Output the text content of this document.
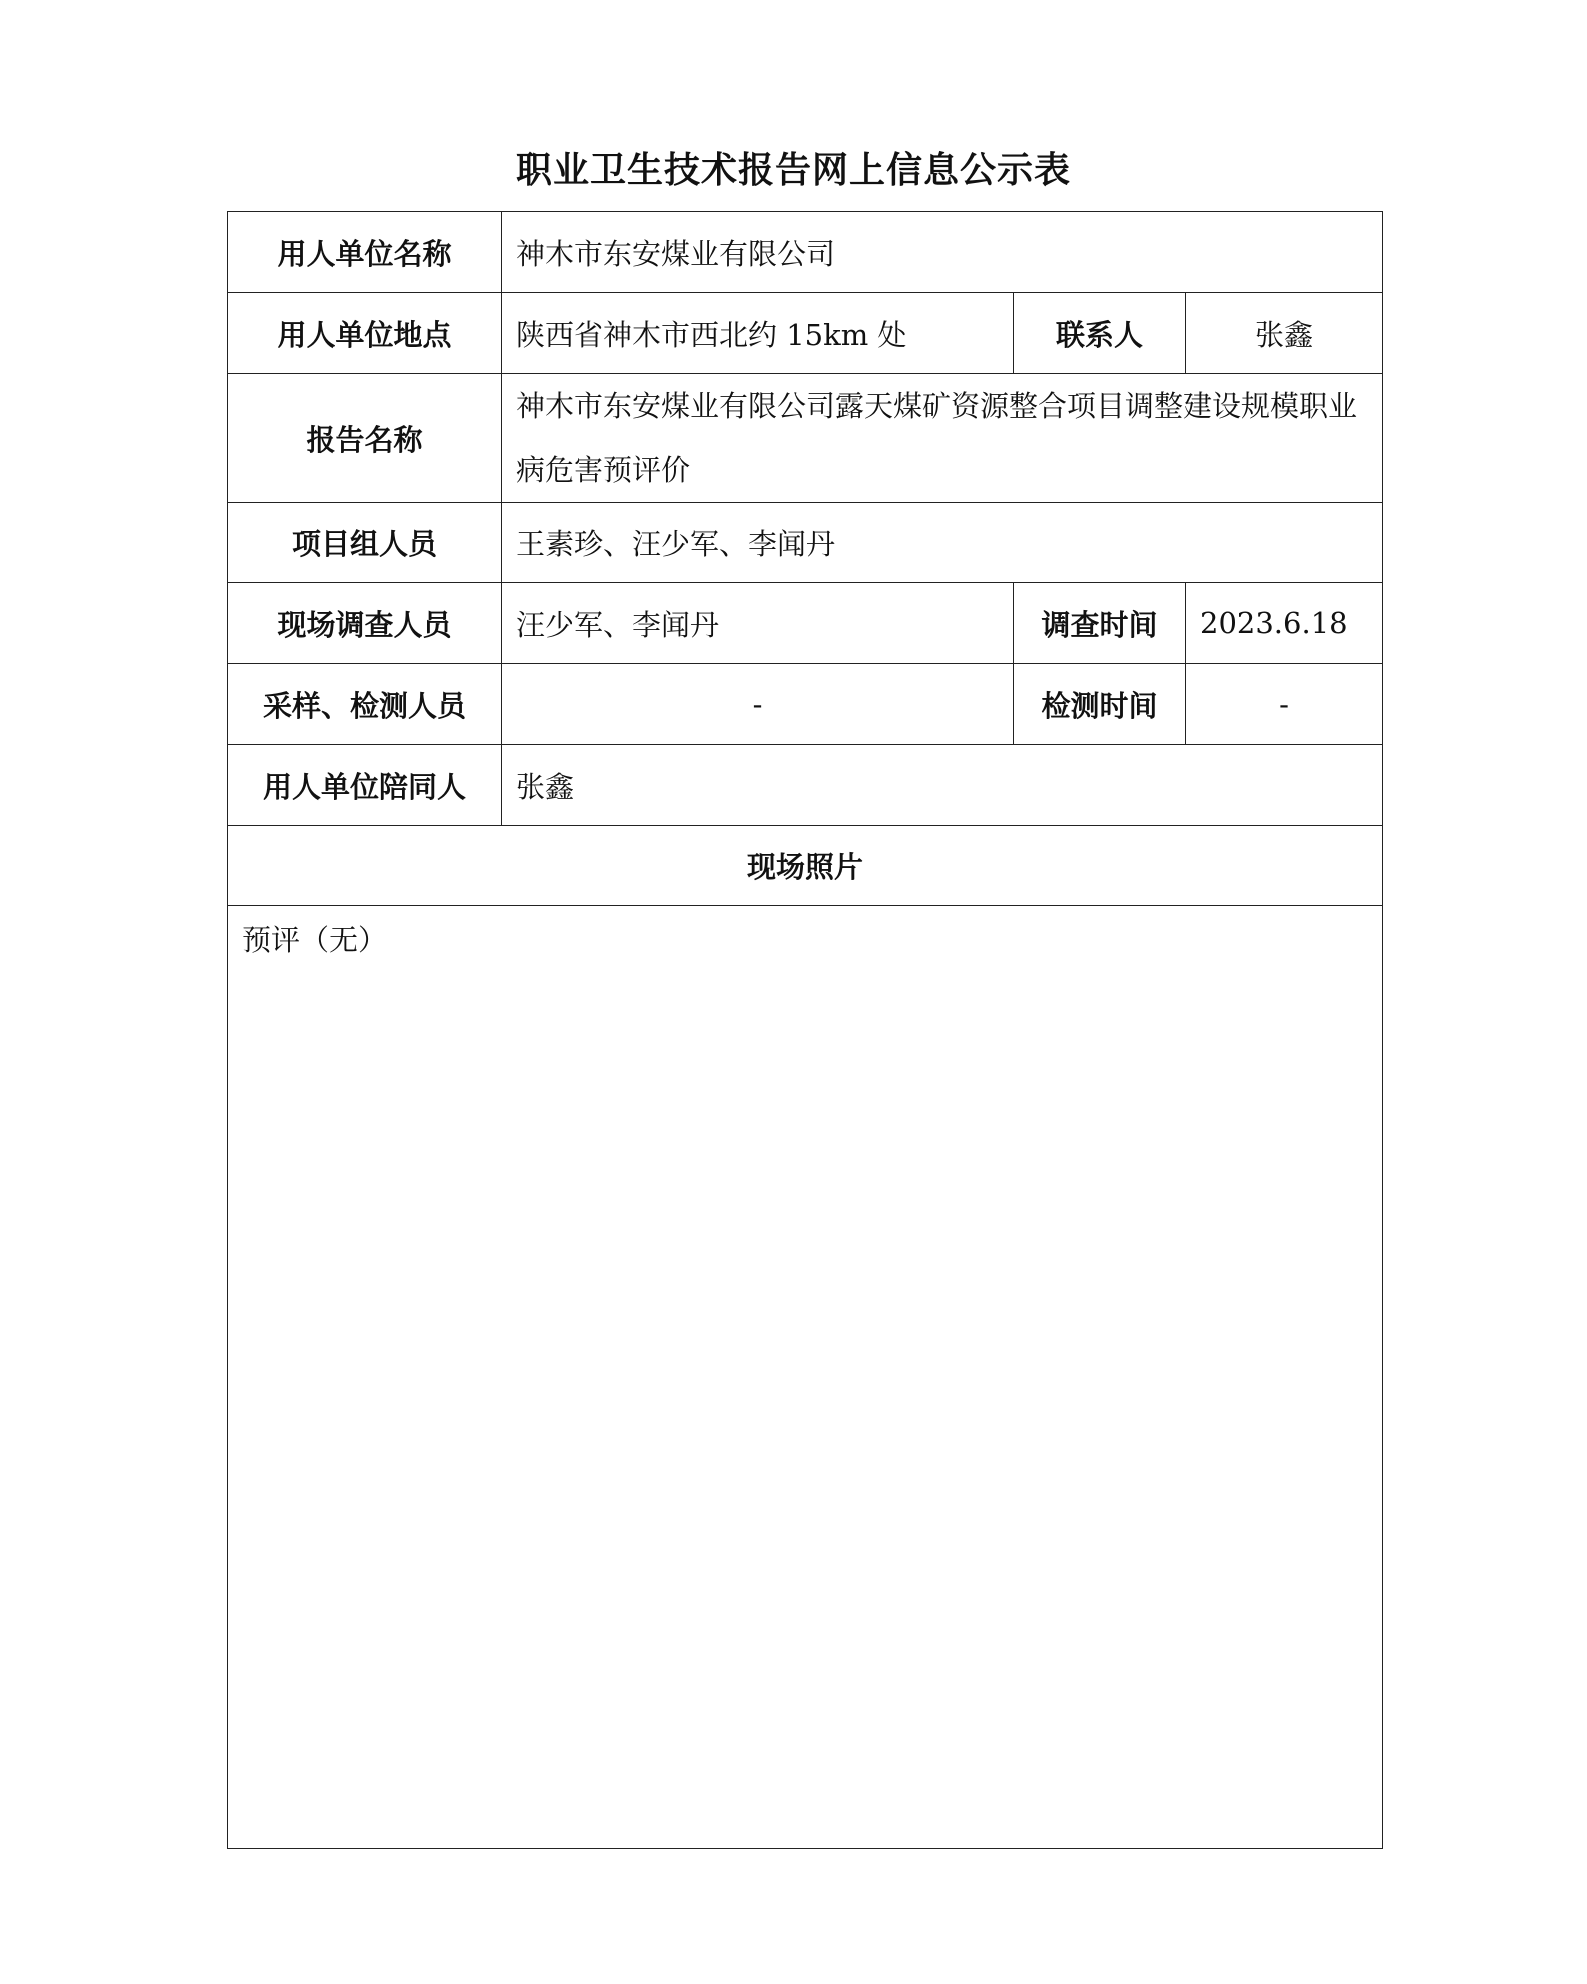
职业卫生技术报告网上信息公示表
用人单位名称	神木市东安煤业有限公司		
用人单位地点	陕西省神木市西北约 15km 处	联系人	张鑫
报告名称	神木市东安煤业有限公司露天煤矿资源整合项目调整建设规模职业病危害预评价		
项目组人员	王素珍、汪少军、李闻丹		
现场调查人员	汪少军、李闻丹	调查时间	2023.6.18
采样、检测人员	-	检测时间	-
用人单位陪同人	张鑫		
现场照片			

预评（无）			
